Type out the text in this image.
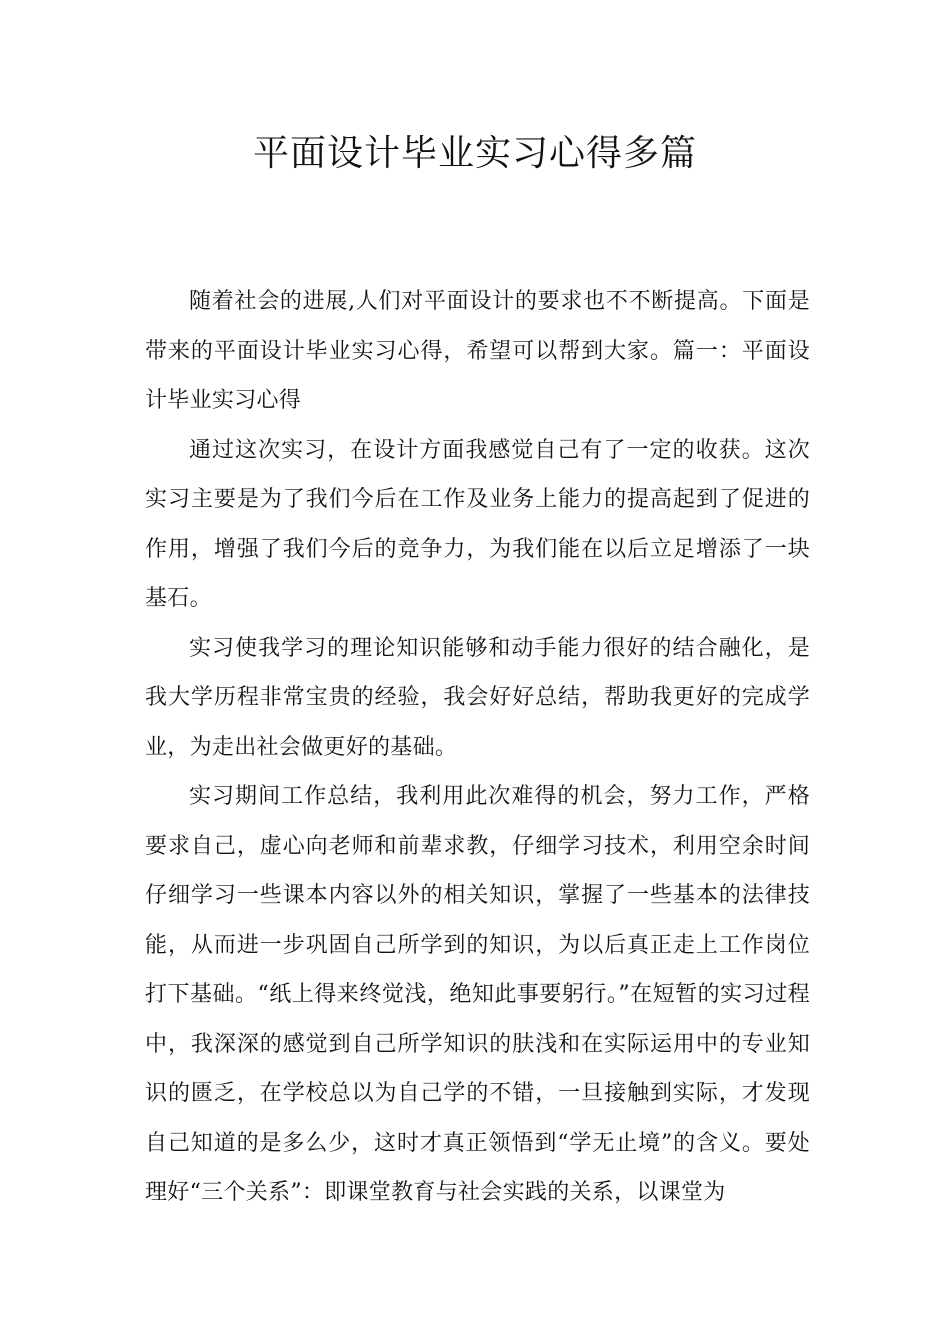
平面设计毕业实习心得多篇

随着社会的进展,人们对平面设计的要求也不不断提高。下面是带来的平面设计毕业实习心得，希望可以帮到大家。篇一：平面设计毕业实习心得

通过这次实习，在设计方面我感觉自己有了一定的收获。这次实习主要是为了我们今后在工作及业务上能力的提高起到了促进的作用，增强了我们今后的竞争力，为我们能在以后立足增添了一块基石。

实习使我学习的理论知识能够和动手能力很好的结合融化，是我大学历程非常宝贵的经验，我会好好总结，帮助我更好的完成学业，为走出社会做更好的基础。

实习期间工作总结，我利用此次难得的机会，努力工作，严格要求自己，虚心向老师和前辈求教，仔细学习技术，利用空余时间仔细学习一些课本内容以外的相关知识，掌握了一些基本的法律技能，从而进一步巩固自己所学到的知识，为以后真正走上工作岗位打下基础。“纸上得来终觉浅，绝知此事要躬行。”在短暂的实习过程中，我深深的感觉到自己所学知识的肤浅和在实际运用中的专业知识的匮乏，在学校总以为自己学的不错，一旦接触到实际，才发现自己知道的是多么少，这时才真正领悟到“学无止境”的含义。要处理好“三个关系”：即课堂教育与社会实践的关系，以课堂为
